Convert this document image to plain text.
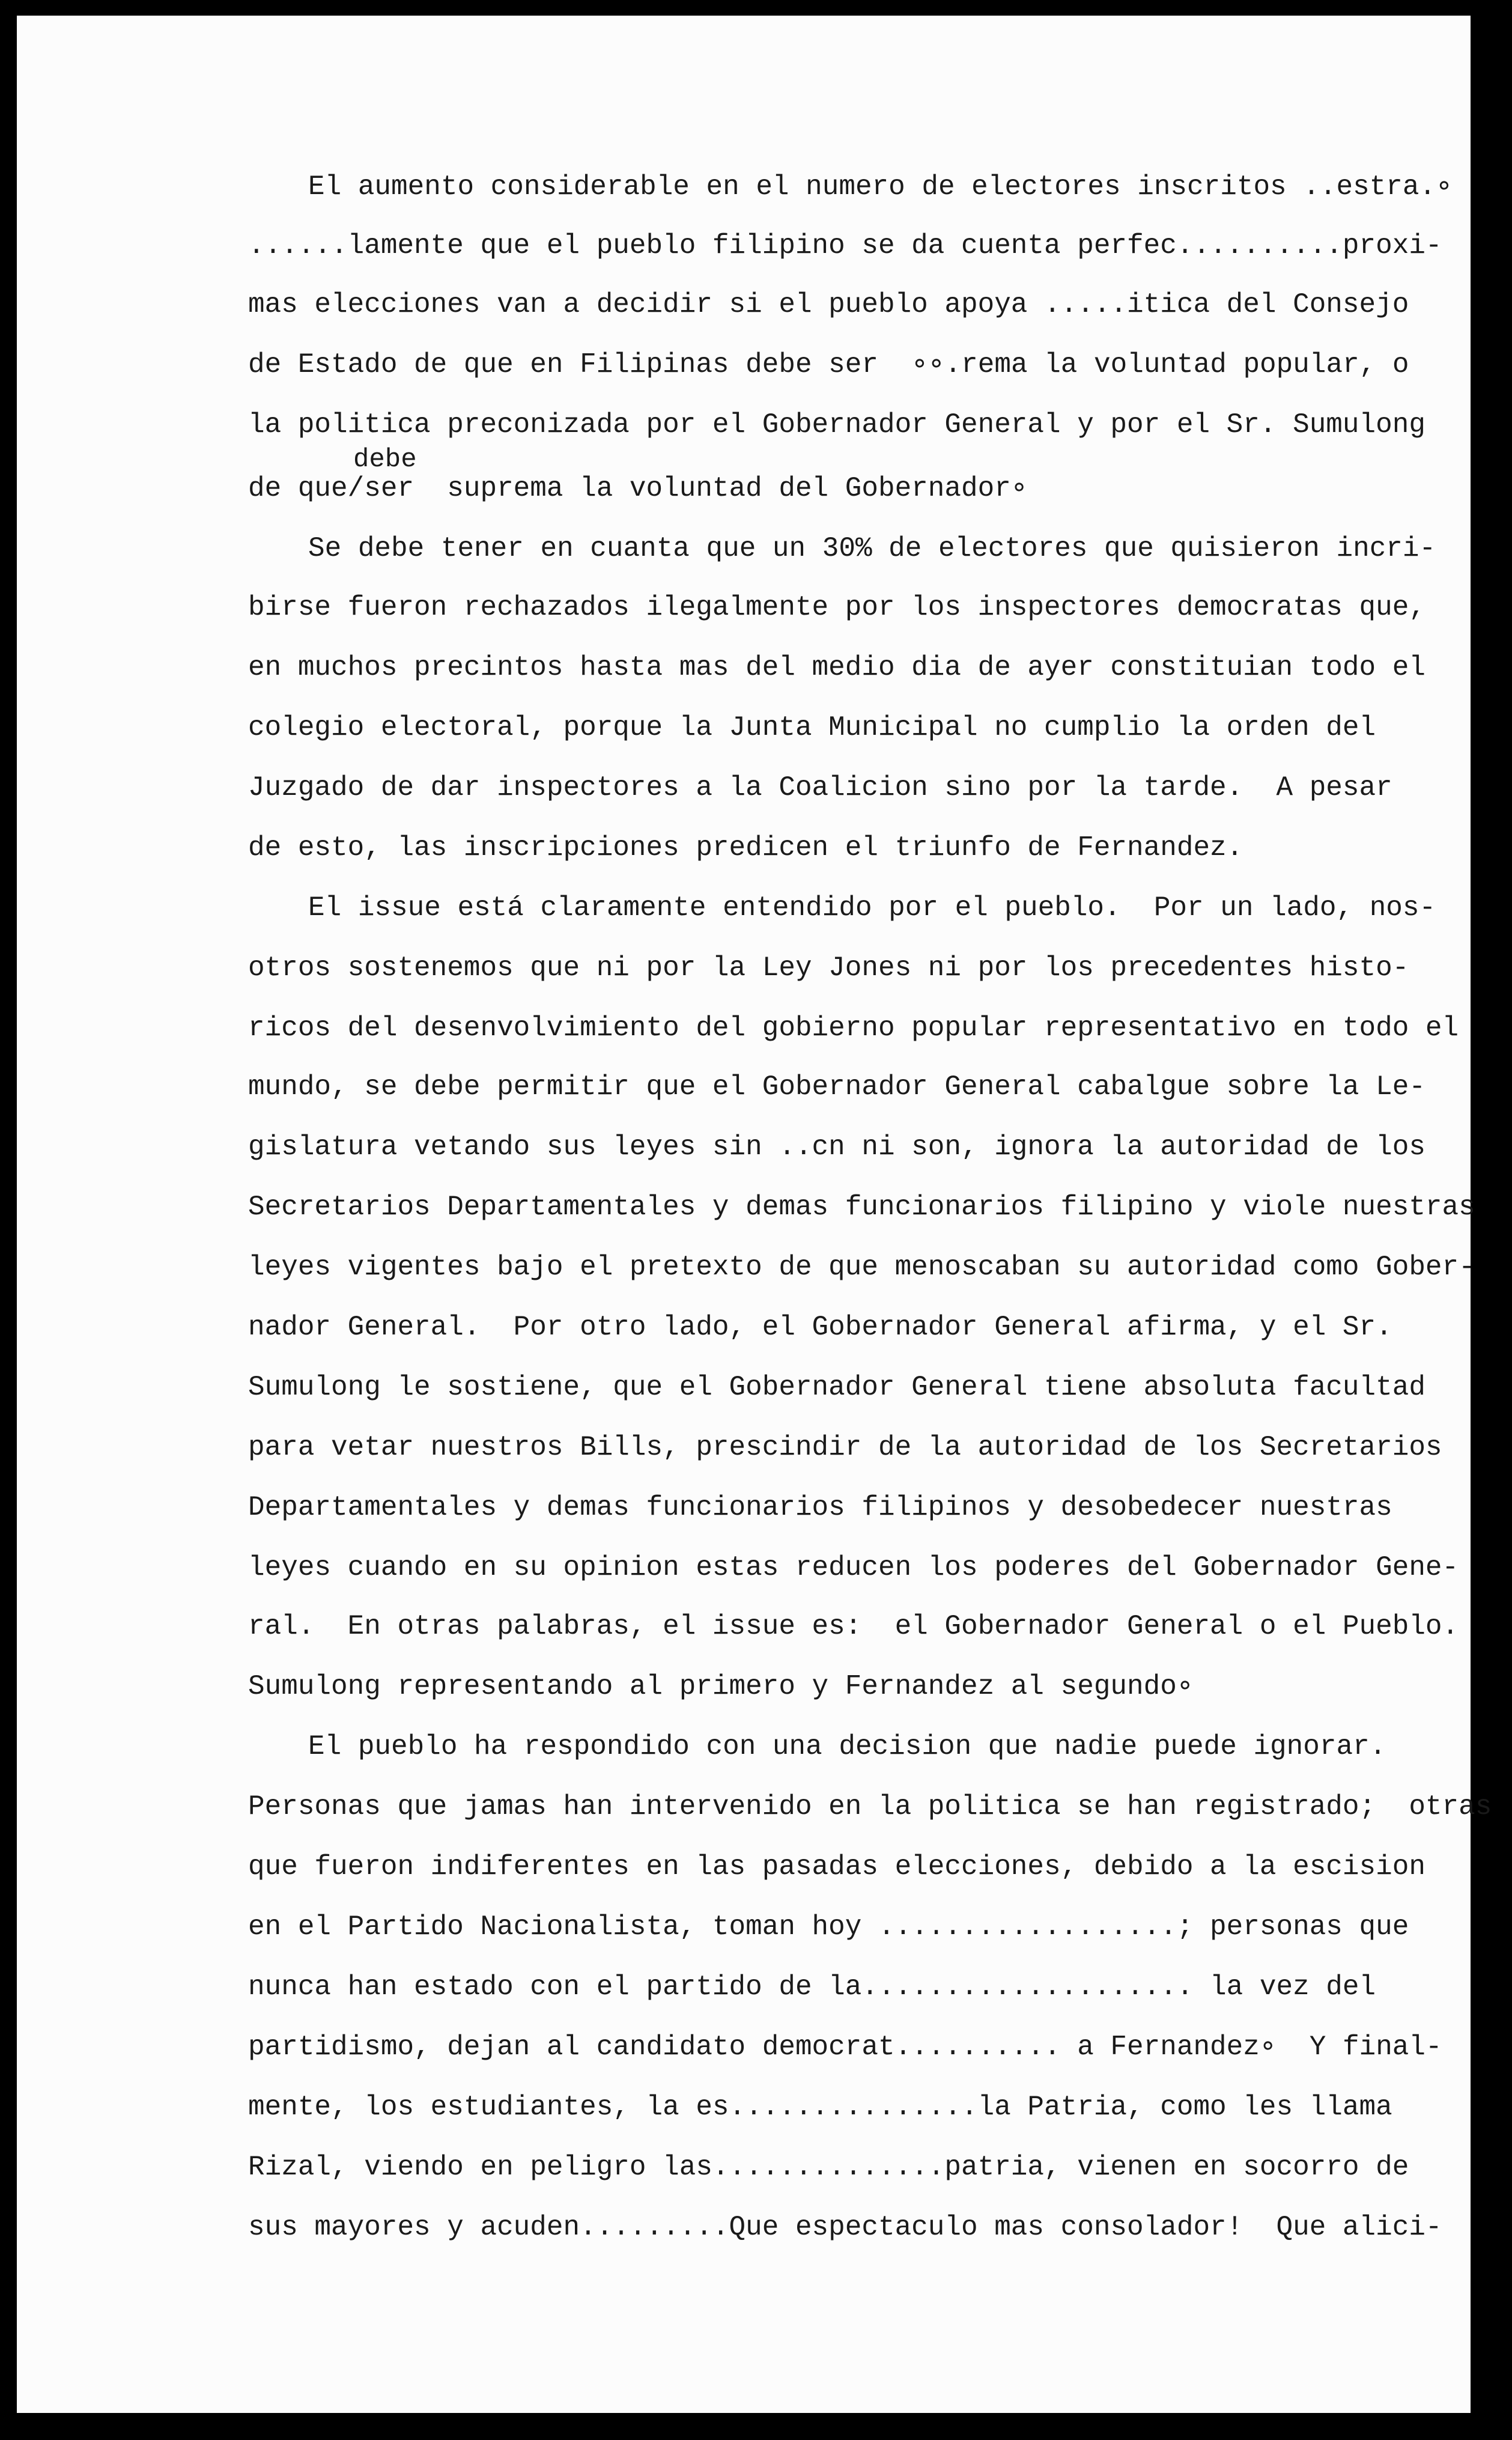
El aumento considerable en el numero de electores inscritos ..estra.∘
......lamente que el pueblo filipino se da cuenta perfec..........proxi-
mas elecciones van a decidir si el pueblo apoya .....itica del Consejo
de Estado de que en Filipinas debe ser  ∘∘.rema la voluntad popular, o
la politica preconizada por el Gobernador General y por el Sr. Sumulong
debe
de que/ser  suprema la voluntad del Gobernador∘
Se debe tener en cuanta que un 30% de electores que quisieron incri-
birse fueron rechazados ilegalmente por los inspectores democratas que,
en muchos precintos hasta mas del medio dia de ayer constituian todo el
colegio electoral, porque la Junta Municipal no cumplio la orden del
Juzgado de dar inspectores a la Coalicion sino por la tarde.  A pesar
de esto, las inscripciones predicen el triunfo de Fernandez.
El issue está claramente entendido por el pueblo.  Por un lado, nos-
otros sostenemos que ni por la Ley Jones ni por los precedentes histo-
ricos del desenvolvimiento del gobierno popular representativo en todo el
mundo, se debe permitir que el Gobernador General cabalgue sobre la Le-
gislatura vetando sus leyes sin ..cn ni son, ignora la autoridad de los
Secretarios Departamentales y demas funcionarios filipino y viole nuestras
leyes vigentes bajo el pretexto de que menoscaban su autoridad como Gober-
nador General.  Por otro lado, el Gobernador General afirma, y el Sr.
Sumulong le sostiene, que el Gobernador General tiene absoluta facultad
para vetar nuestros Bills, prescindir de la autoridad de los Secretarios
Departamentales y demas funcionarios filipinos y desobedecer nuestras
leyes cuando en su opinion estas reducen los poderes del Gobernador Gene-
ral.  En otras palabras, el issue es:  el Gobernador General o el Pueblo.
Sumulong representando al primero y Fernandez al segundo∘
El pueblo ha respondido con una decision que nadie puede ignorar.
Personas que jamas han intervenido en la politica se han registrado;  otras
que fueron indiferentes en las pasadas elecciones, debido a la escision
en el Partido Nacionalista, toman hoy ..................; personas que
nunca han estado con el partido de la.................... la vez del
partidismo, dejan al candidato democrat.......... a Fernandez∘  Y final-
mente, los estudiantes, la es...............la Patria, como les llama
Rizal, viendo en peligro las..............patria, vienen en socorro de
sus mayores y acuden.........Que espectaculo mas consolador!  Que alici-
